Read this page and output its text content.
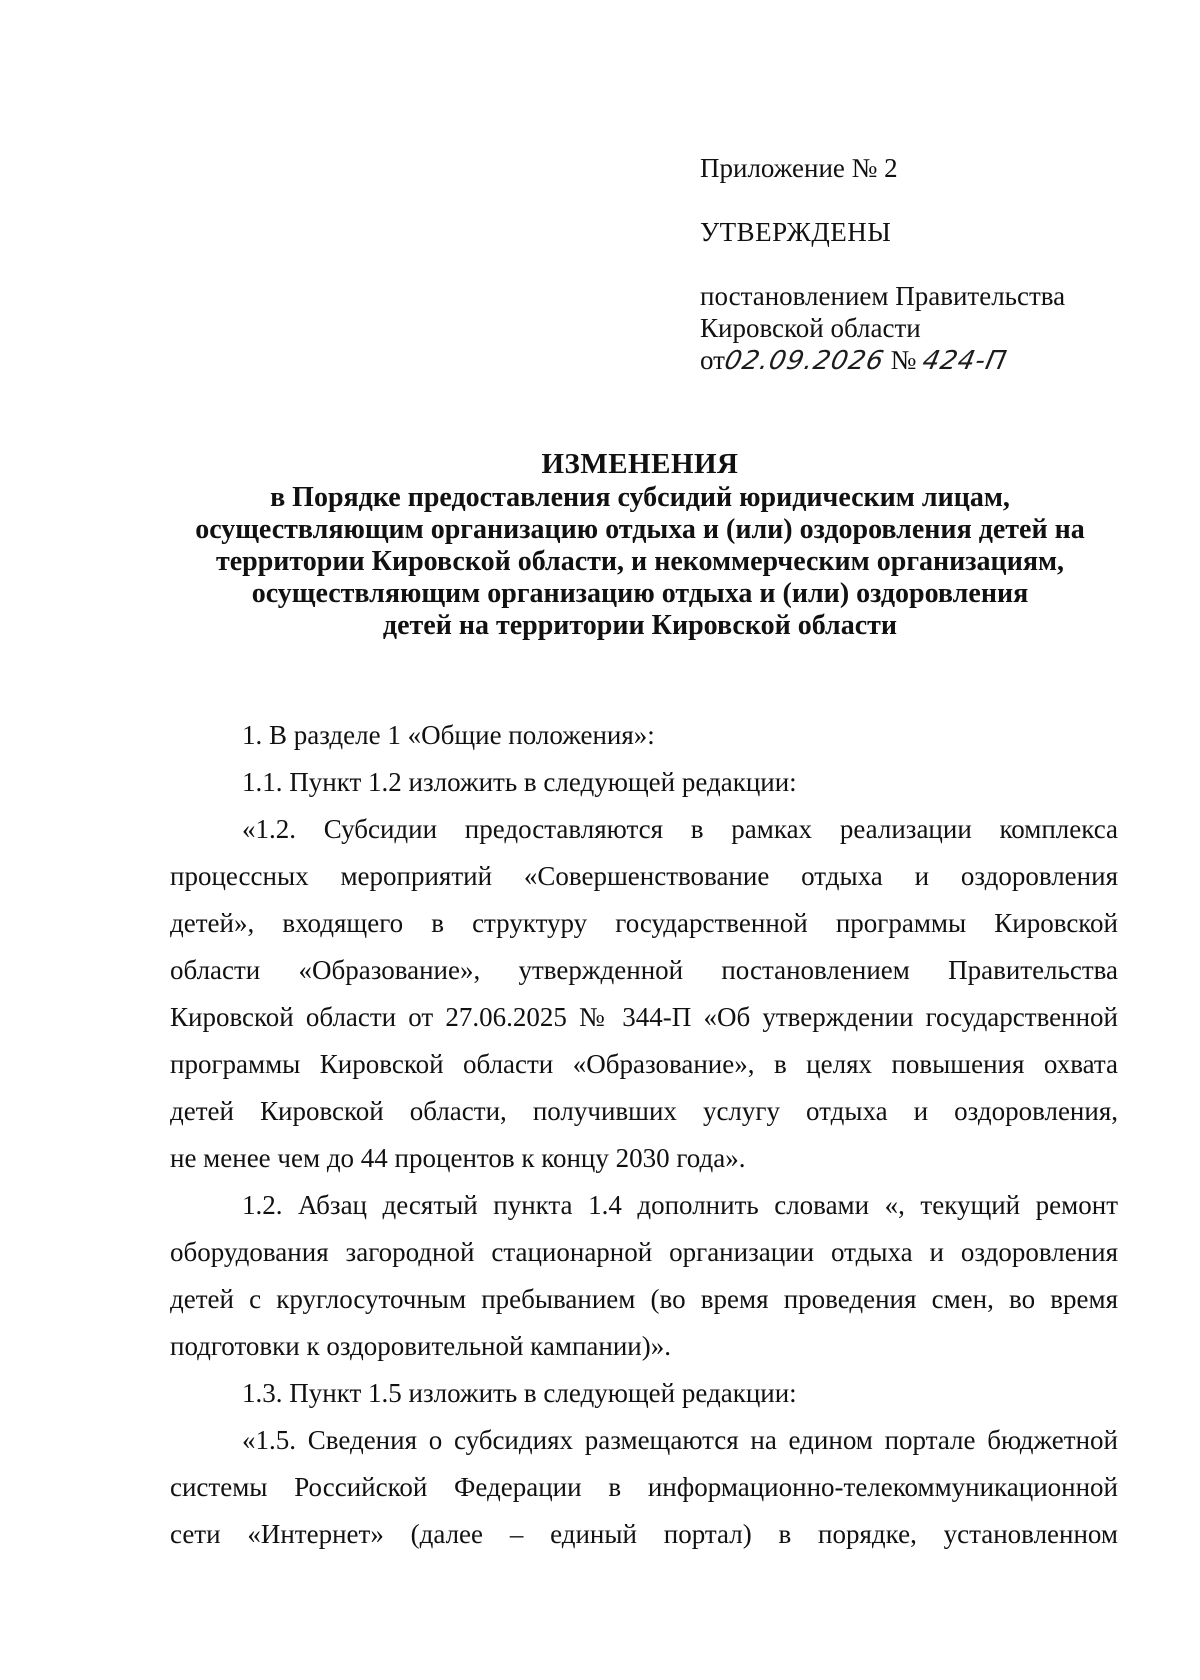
Приложение № 2
УТВЕРЖДЕНЫ
постановлением Правительства
Кировской области
от02.09.2026 № 424-П
ИЗМЕНЕНИЯ
в Порядке предоставления субсидий юридическим лицам,
осуществляющим организацию отдыха и (или) оздоровления детей на
территории Кировской области, и некоммерческим организациям,
осуществляющим организацию отдыха и (или) оздоровления
детей на территории Кировской области
1. В разделе 1 «Общие положения»:
1.1. Пункт 1.2 изложить в следующей редакции:
«1.2. Субсидии предоставляются в рамках реализации комплекса
процессных мероприятий «Совершенствование отдыха и оздоровления
детей», входящего в структуру государственной программы Кировской
области «Образование», утвержденной постановлением Правительства
Кировской области от 27.06.2025 № 344-П «Об утверждении государственной
программы Кировской области «Образование», в целях повышения охвата
детей Кировской области, получивших услугу отдыха и оздоровления,
не менее чем до 44 процентов к концу 2030 года».
1.2. Абзац десятый пункта 1.4 дополнить словами «, текущий ремонт
оборудования загородной стационарной организации отдыха и оздоровления
детей с круглосуточным пребыванием (во время проведения смен, во время
подготовки к оздоровительной кампании)».
1.3. Пункт 1.5 изложить в следующей редакции:
«1.5. Сведения о субсидиях размещаются на едином портале бюджетной
системы Российской Федерации в информационно-телекоммуникационной
сети «Интернет» (далее – единый портал) в порядке, установленном
